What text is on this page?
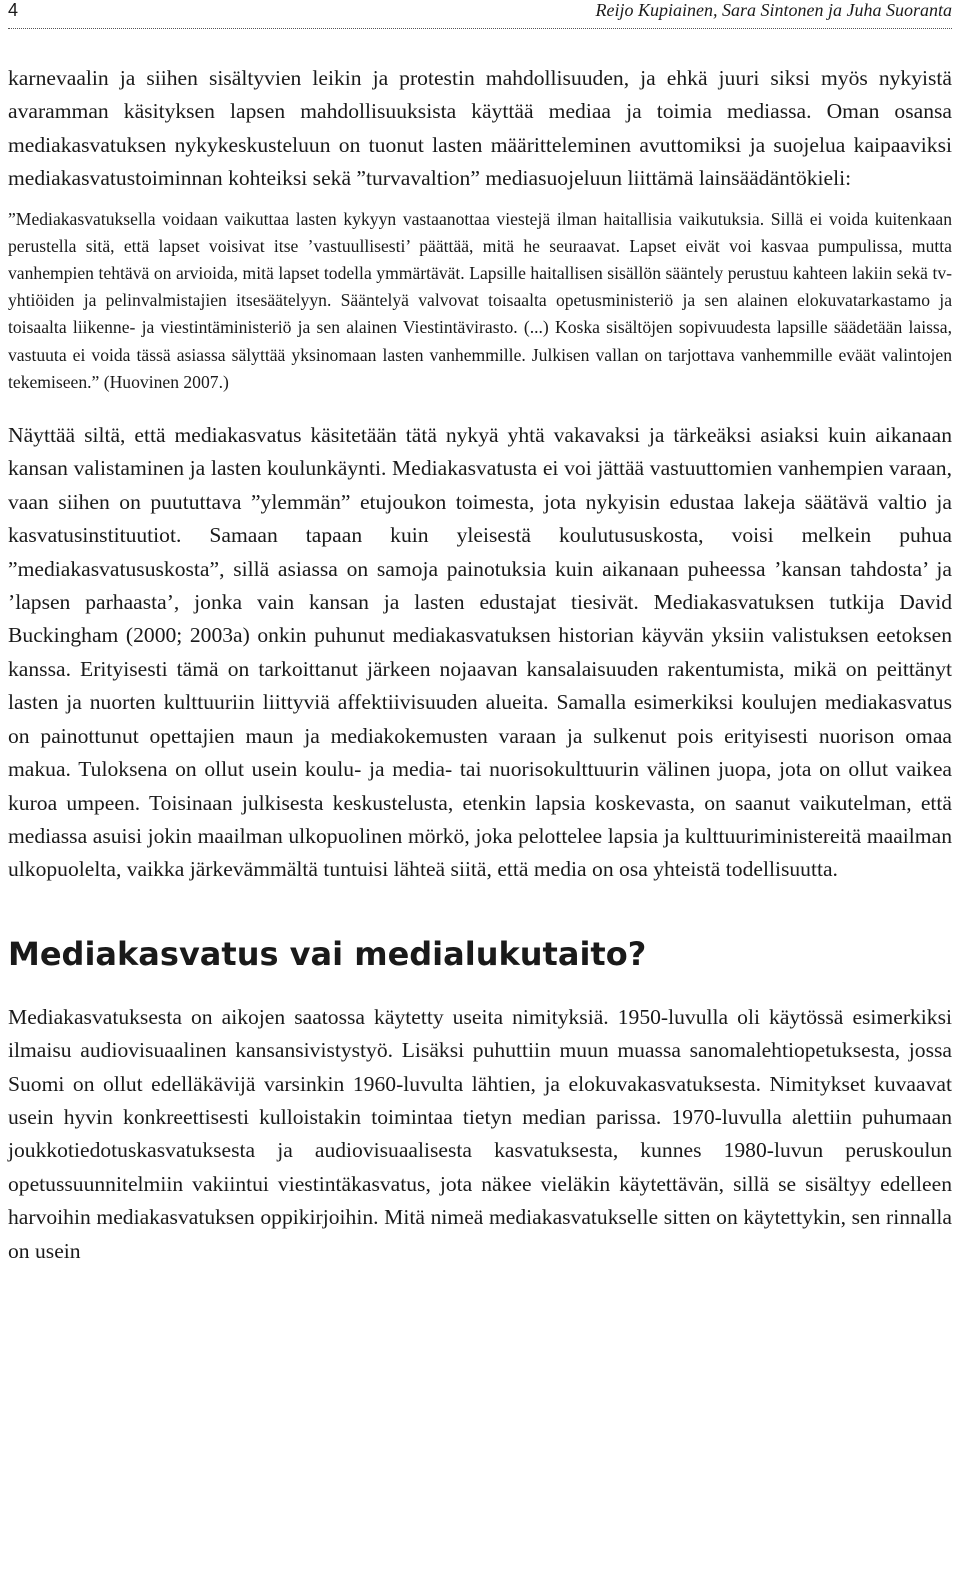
4	Reijo Kupiainen, Sara Sintonen ja Juha Suoranta

karnevaalin ja siihen sisältyvien leikin ja protestin mahdollisuuden, ja ehkä juuri siksi myös nykyistä avaramman käsityksen lapsen mahdollisuuksista käyttää mediaa ja toimia mediassa. Oman osansa mediakasvatuksen nykykeskusteluun on tuonut lasten määritteleminen avuttomiksi ja suojelua kaipaaviksi mediakasvatustoiminnan kohteiksi sekä ”turvavaltion” mediasuojeluun liittämä lainsäädäntökieli:

”Mediakasvatuksella voidaan vaikuttaa lasten kykyyn vastaanottaa viestejä ilman haitallisia vaikutuksia. Sillä ei voida kuitenkaan perustella sitä, että lapset voisivat itse ’vastuullisesti’ päättää, mitä he seuraavat. Lapset eivät voi kasvaa pumpulissa, mutta vanhempien tehtävä on arvioida, mitä lapset todella ymmärtävät. Lapsille haitallisen sisällön sääntely perustuu kahteen lakiin sekä tv-yhtiöiden ja pelinvalmistajien itsesäätelyyn. Sääntelyä valvovat toisaalta opetusministeriö ja sen alainen elokuvatarkastamo ja toisaalta liikenne- ja viestintäministeriö ja sen alainen Viestintävirasto. (...) Koska sisältöjen sopivuudesta lapsille säädetään laissa, vastuuta ei voida tässä asiassa sälyttää yksinomaan lasten vanhemmille. Julkisen vallan on tarjottava vanhemmille eväät valintojen tekemiseen.” (Huovinen 2007.)

Näyttää siltä, että mediakasvatus käsitetään tätä nykyä yhtä vakavaksi ja tärkeäksi asiaksi kuin aikanaan kansan valistaminen ja lasten koulunkäynti. Mediakasvatusta ei voi jättää vastuuttomien vanhempien varaan, vaan siihen on puututtava ”ylemmän” etujoukon toimesta, jota nykyisin edustaa lakeja säätävä valtio ja kasvatusinstituutiot. Samaan tapaan kuin yleisestä koulutususkosta, voisi melkein puhua ”mediakasvatususkosta”, sillä asiassa on samoja painotuksia kuin aikanaan puheessa ’kansan tahdosta’ ja ’lapsen parhaasta’, jonka vain kansan ja lasten edustajat tiesivät. Mediakasvatuksen tutkija David Buckingham (2000; 2003a) onkin puhunut mediakasvatuksen historian käyvän yksiin valistuksen eetoksen kanssa. Erityisesti tämä on tarkoittanut järkeen nojaavan kansalaisuuden rakentumista, mikä on peittänyt lasten ja nuorten kulttuuriin liittyviä affektiivisuuden alueita. Samalla esimerkiksi koulujen mediakasvatus on painottunut opettajien maun ja mediakokemusten varaan ja sulkenut pois erityisesti nuorison omaa makua. Tuloksena on ollut usein koulu- ja media- tai nuorisokulttuurin välinen juopa, jota on ollut vaikea kuroa umpeen. Toisinaan julkisesta keskustelusta, etenkin lapsia koskevasta, on saanut vaikutelman, että mediassa asuisi jokin maailman ulkopuolinen mörkö, joka pelottelee lapsia ja kulttuuriministereitä maailman ulkopuolelta, vaikka järkevämmältä tuntuisi lähteä siitä, että media on osa yhteistä todellisuutta.

Mediakasvatus vai medialukutaito?

Mediakasvatuksesta on aikojen saatossa käytetty useita nimityksiä. 1950-luvulla oli käytössä esimerkiksi ilmaisu audiovisuaalinen kansansivistystyö. Lisäksi puhuttiin muun muassa sanomalehtiopetuksesta, jossa Suomi on ollut edelläkävijä varsinkin 1960-luvulta lähtien, ja elokuvakasvatuksesta. Nimitykset kuvaavat usein hyvin konkreettisesti kulloistakin toimintaa tietyn median parissa. 1970-luvulla alettiin puhumaan joukkotiedotuskasvatuksesta ja audiovisuaalisesta kasvatuksesta, kunnes 1980-luvun peruskoulun opetussuunnitelmiin vakiintui viestintäkasvatus, jota näkee vieläkin käytettävän, sillä se sisältyy edelleen harvoihin mediakasvatuksen oppikirjoihin. Mitä nimeä mediakasvatukselle sitten on käytettykin, sen rinnalla on usein
